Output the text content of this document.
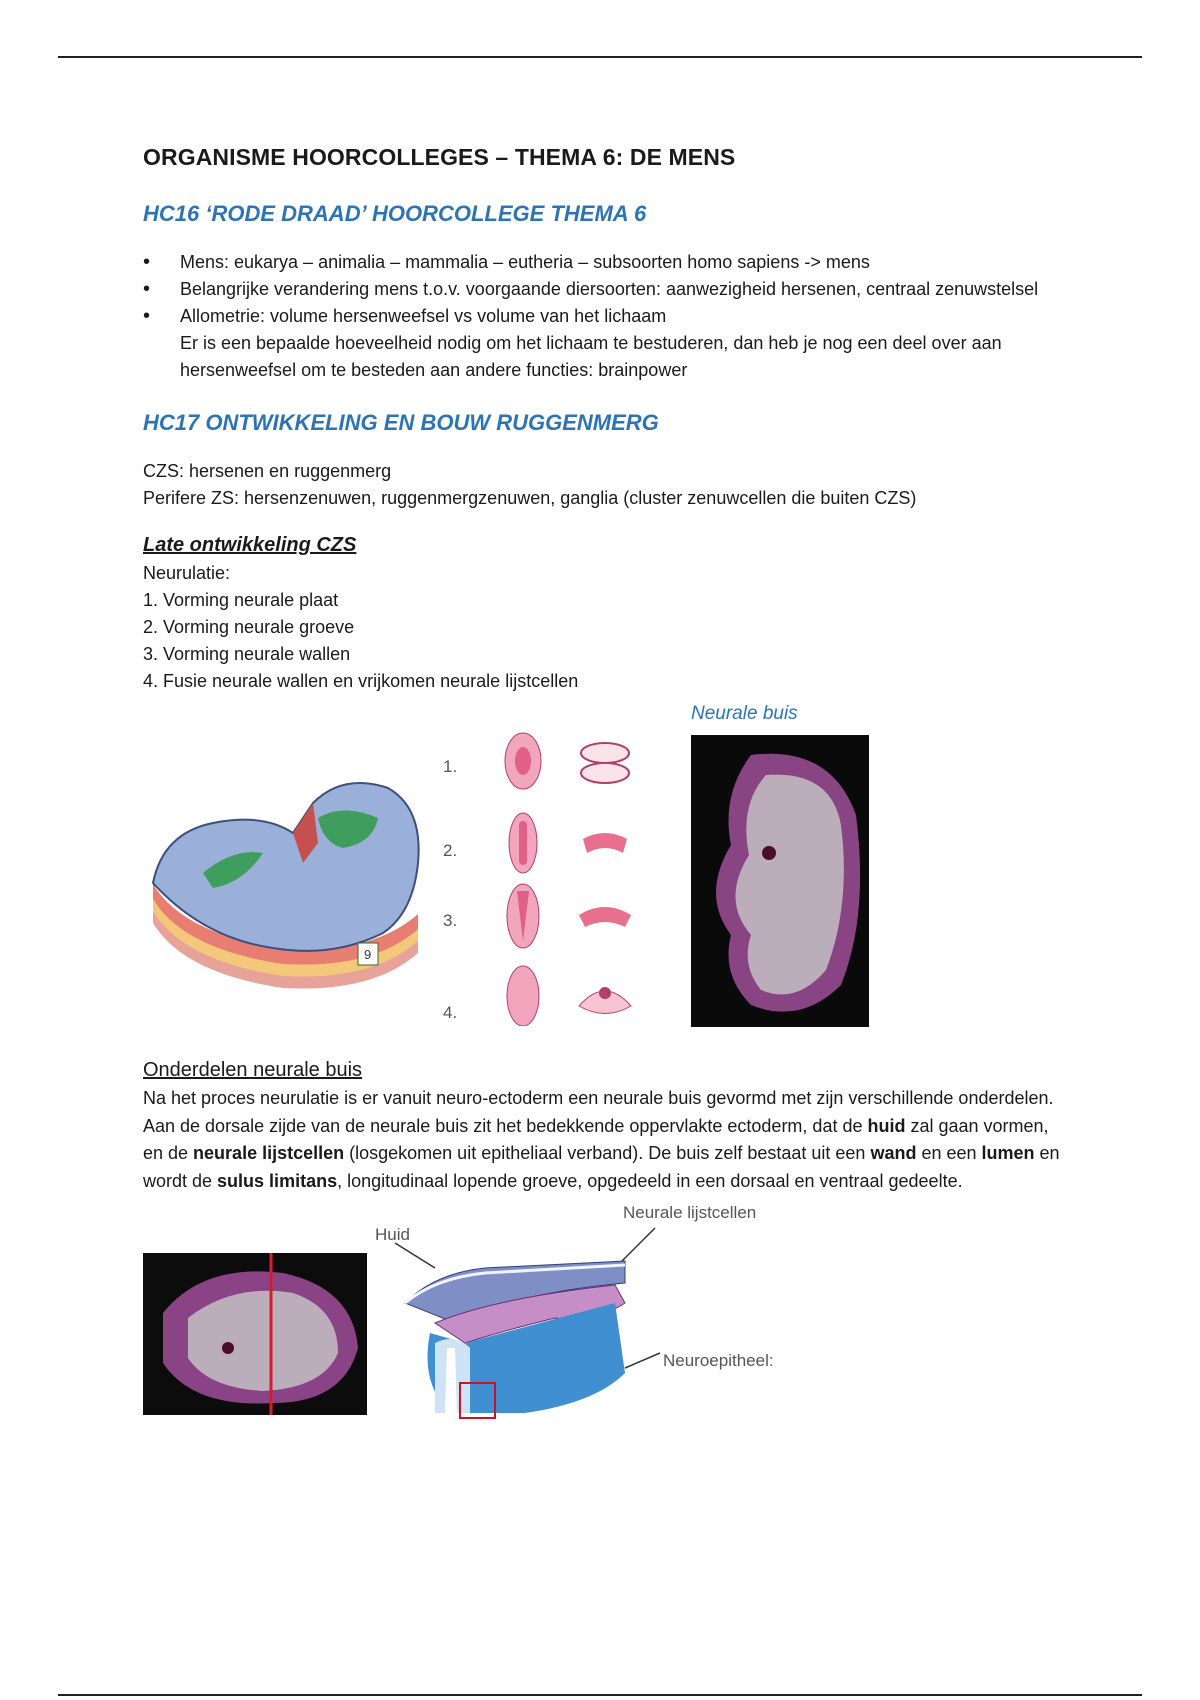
ORGANISME HOORCOLLEGES – THEMA 6: DE MENS
HC16 ‘RODE DRAAD’ HOORCOLLEGE THEMA 6
• Mens: eukarya – animalia – mammalia – eutheria – subsoorten homo sapiens -> mens
• Belangrijke verandering mens t.o.v. voorgaande diersoorten: aanwezigheid hersenen, centraal zenuwstelsel
• Allometrie: volume hersenweefsel vs volume van het lichaam
Er is een bepaalde hoeveelheid nodig om het lichaam te bestuderen, dan heb je nog een deel over aan hersenweefsel om te besteden aan andere functies: brainpower
HC17 ONTWIKKELING EN BOUW RUGGENMERG
CZS: hersenen en ruggenmerg
Perifere ZS: hersenzenuwen, ruggenmergzenuwen, ganglia (cluster zenuwcellen die buiten CZS)
Late ontwikkeling CZS
Neurulatie:
1. Vorming neurale plaat
2. Vorming neurale groeve
3. Vorming neurale wallen
4. Fusie neurale wallen en vrijkomen neurale lijstcellen
9
1.
2.
3.
4.
Neurale buis
Onderdelen neurale buis

Na het proces neurulatie is er vanuit neuro-ectoderm een neurale buis gevormd met zijn verschillende onderdelen. Aan de dorsale zijde van de neurale buis zit het bedekkende oppervlakte ectoderm, dat de huid zal gaan vormen, en de neurale lijstcellen (losgekomen uit epitheliaal verband). De buis zelf bestaat uit een wand en een lumen en wordt de sulus limitans, longitudinaal lopende groeve, opgedeeld in een dorsaal en ventraal gedeelte.

Huid
Neurale lijstcellen
Neuroepitheel:
